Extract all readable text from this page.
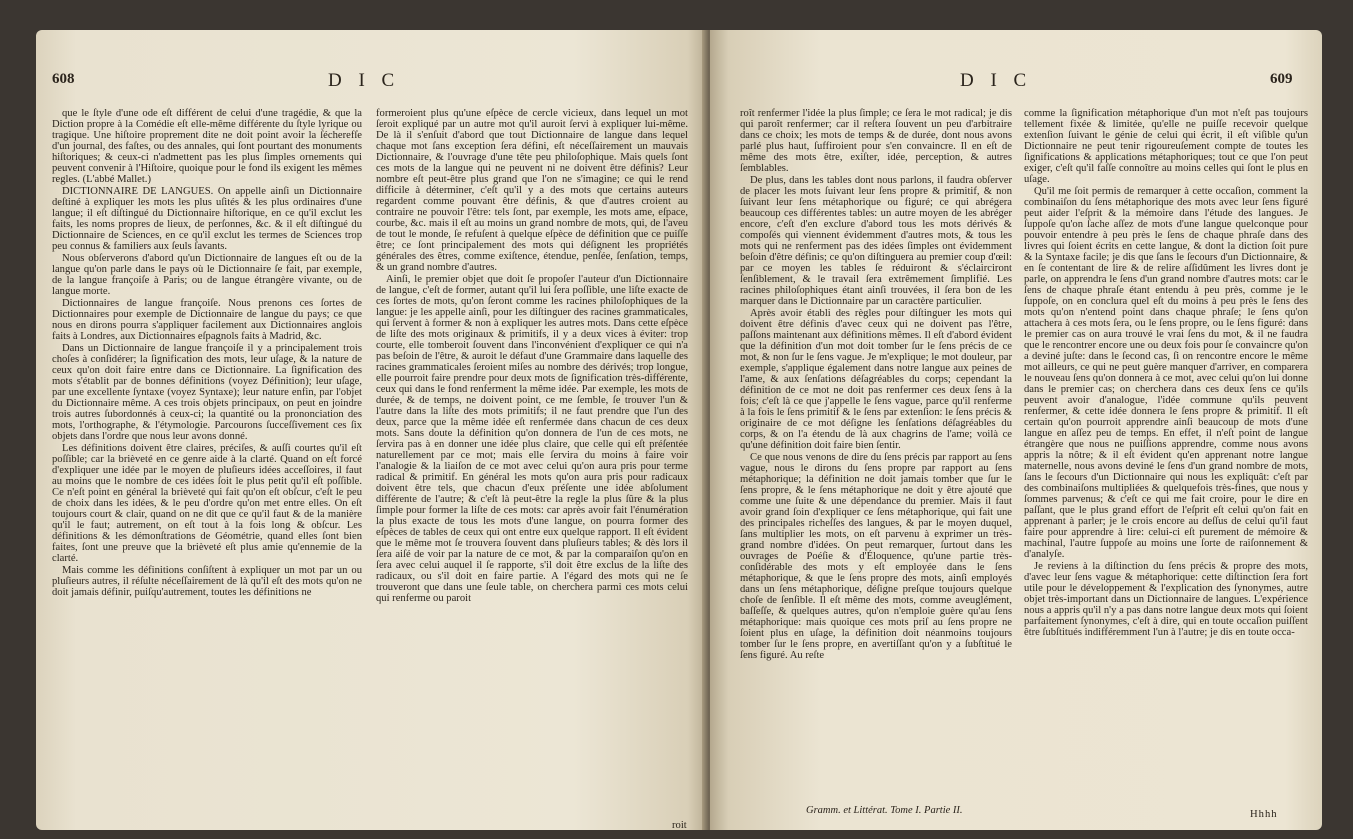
608	D I C

que le ſtyle d'une ode eſt différent de celui d'une tragédie, & que la Diction propre à la Comédie eſt elle-même différente du ſtyle lyrique ou tragique. Une hiſtoire proprement dite ne doit point avoir la ſécherefſe d'un journal, des faſtes, ou des annales, qui ſont pourtant des monuments hiſtoriques; & ceux-ci n'admettent pas les plus ſimples ornements qui peuvent convenir à l'Hiſtoire, quoique pour le fond ils exigent les mêmes regles. (L'abbé Mallet.)

DICTIONNAIRE DE LANGUES. On appelle ainſi un Dictionnaire deſtiné à expliquer les mots les plus uſités & les plus ordinaires d'une langue; il eſt diſtingué du Dictionnaire hiſtorique, en ce qu'il exclut les faits, les noms propres de lieux, de perſonnes, &c. & il eſt diſtingué du Dictionnaire de Sciences, en ce qu'il exclut les termes de Sciences trop peu connus & familiers aux ſeuls ſavants.

Nous obſerverons d'abord qu'un Dictionnaire de langues eſt ou de la langue qu'on parle dans le pays où le Dictionnaire ſe fait, par exemple, de la langue françoiſe à Paris; ou de langue étrangère vivante, ou de langue morte.

Dictionnaires de langue françoiſe. Nous prenons ces ſortes de Dictionnaires pour exemple de Dictionnaire de langue du pays; ce que nous en dirons pourra s'appliquer facilement aux Dictionnaires anglois faits à Londres, aux Dictionnaires eſpagnols faits à Madrid, &c.

Dans un Dictionnaire de langue françoiſe il y a principalement trois choſes à conſidérer; la ſignification des mots, leur uſage, & la nature de ceux qu'on doit faire entre dans ce Dictionnaire. La ſignification des mots s'établit par de bonnes définitions (voyez Définition); leur uſage, par une excellente ſyntaxe (voyez Syntaxe); leur nature enfin, par l'objet du Dictionnaire même. A ces trois objets principaux, on peut en joindre trois autres ſubordonnés à ceux-ci; la quantité ou la prononciation des mots, l'orthographe, & l'étymologie. Parcourons ſucceſſivement ces ſix objets dans l'ordre que nous leur avons donné.

Les définitions doivent être claires, préciſes, & auſſi courtes qu'il eſt poſſible; car la brièveté en ce genre aide à la clarté. Quand on eſt forcé d'expliquer une idée par le moyen de pluſieurs idées acceſſoires, il faut au moins que le nombre de ces idées ſoit le plus petit qu'il eſt poſſible. Ce n'eſt point en général la brièveté qui fait qu'on eſt obſcur, c'eſt le peu de choix dans les idées, & le peu d'ordre qu'on met entre elles. On eſt toujours court & clair, quand on ne dit que ce qu'il faut & de la manière qu'il le faut; autrement, on eſt tout à la fois long & obſcur. Les définitions & les démonſtrations de Géométrie, quand elles ſont bien faites, ſont une preuve que la brièveté eſt plus amie qu'ennemie de la clarté.

Mais comme les définitions conſiſtent à expliquer un mot par un ou pluſieurs autres, il réſulte néceſſairement de là qu'il eſt des mots qu'on ne doit jamais définir, puiſqu'autrement, toutes les définitions ne

formeroient plus qu'une eſpèce de cercle vicieux, dans lequel un mot ſeroit expliqué par un autre mot qu'il auroit ſervi à expliquer lui-même. De là il s'enſuit d'abord que tout Dictionnaire de langue dans lequel chaque mot ſans exception ſera défini, eſt néceſſairement un mauvais Dictionnaire, & l'ouvrage d'une tête peu philoſophique. Mais quels ſont ces mots de la langue qui ne peuvent ni ne doivent être définis? Leur nombre eſt peut-être plus grand que l'on ne s'imagine; ce qui le rend difficile à déterminer, c'eſt qu'il y a des mots que certains auteurs regardent comme pouvant être définis, & que d'autres croient au contraire ne pouvoir l'être: tels ſont, par exemple, les mots ame, eſpace, courbe, &c. mais il eſt au moins un grand nombre de mots, qui, de l'aveu de tout le monde, ſe refuſent à quelque eſpèce de définition que ce puiſſe être; ce ſont principalement des mots qui déſignent les propriétés générales des êtres, comme exiſtence, étendue, penſée, ſenſation, temps, & un grand nombre d'autres.

Ainſi, le premier objet que doit ſe propoſer l'auteur d'un Dictionnaire de langue, c'eſt de former, autant qu'il lui ſera poſſible, une liſte exacte de ces ſortes de mots, qu'on ſeront comme les racines philoſophiques de la langue: je les appelle ainſi, pour les diſtinguer des racines grammaticales, qui ſervent à former & non à expliquer les autres mots. Dans cette eſpèce de liſte des mots originaux & primitifs, il y a deux vices à éviter: trop courte, elle tomberoit ſouvent dans l'inconvénient d'expliquer ce qui n'a pas beſoin de l'être, & auroit le défaut d'une Grammaire dans laquelle des racines grammaticales ſeroient miſes au nombre des dérivés; trop longue, elle pourroit faire prendre pour deux mots de ſignification très-différente, ceux qui dans le fond renferment la même idée. Par exemple, les mots de durée, & de temps, ne doivent point, ce me ſemble, ſe trouver l'un & l'autre dans la liſte des mots primitifs; il ne faut prendre que l'un des deux, parce que la même idée eſt renfermée dans chacun de ces deux mots. Sans doute la définition qu'on donnera de l'un de ces mots, ne ſervira pas à en donner une idée plus claire, que celle qui eſt préſentée naturellement par ce mot; mais elle ſervira du moins à faire voir l'analogie & la liaiſon de ce mot avec celui qu'on aura pris pour terme radical & primitif. En général les mots qu'on aura pris pour radicaux doivent être tels, que chacun d'eux préſente une idée abſolument différente de l'autre; & c'eſt là peut-être la regle la plus ſûre & la plus ſimple pour former la liſte de ces mots: car après avoir fait l'énumération la plus exacte de tous les mots d'une langue, on pourra former des eſpèces de tables de ceux qui ont entre eux quelque rapport. Il eſt évident que le même mot ſe trouvera ſouvent dans pluſieurs tables; & dès lors il ſera aiſé de voir par la nature de ce mot, & par la comparaiſon qu'on en ſera avec celui auquel il ſe rapporte, s'il doit être exclus de la liſte des radicaux, ou s'il doit en faire partie. A l'égard des mots qui ne ſe trouveront que dans une ſeule table, on cherchera parmi ces mots celui qui renferme ou paroit

roit
D I C	609

roît renfermer l'idée la plus ſimple; ce ſera le mot radical; je dis qui paroît renfermer; car il reſtera ſouvent un peu d'arbitraire dans ce choix; les mots de temps & de durée, dont nous avons parlé plus haut, ſuffiroient pour s'en convaincre. Il en eſt de même des mots être, exiſter, idée, perception, & autres ſemblables.

De plus, dans les tables dont nous parlons, il faudra obſerver de placer les mots ſuivant leur ſens propre & primitif, & non ſuivant leur ſens métaphorique ou figuré; ce qui abrégera beaucoup ces différentes tables: un autre moyen de les abréger encore, c'eſt d'en exclure d'abord tous les mots dérivés & compoſés qui viennent évidemment d'autres mots, & tous les mots qui ne renferment pas des idées ſimples ont évidemment beſoin d'être définis; ce qu'on diſtinguera au premier coup d'œil: par ce moyen les tables ſe réduiront & s'éclairciront ſenſiblement, & le travail ſera extrêmement ſimplifié. Les racines philoſophiques étant ainſi trouvées, il ſera bon de les marquer dans le Dictionnaire par un caractère particulier.

Après avoir établi des règles pour diſtinguer les mots qui doivent être définis d'avec ceux qui ne doivent pas l'être, paſſons maintenant aux définitions mêmes. Il eſt d'abord évident que la définition d'un mot doit tomber ſur le ſens précis de ce mot, & non ſur le ſens vague. Je m'explique; le mot douleur, par exemple, s'applique également dans notre langue aux peines de l'ame, & aux ſenſations déſagréables du corps; cependant la définition de ce mot ne doit pas renfermer ces deux ſens à la fois; c'eſt là ce que j'appelle le ſens vague, parce qu'il renferme à la fois le ſens primitif & le ſens par extenſion: le ſens précis & originaire de ce mot déſigne les ſenſations déſagréables du corps, & on l'a étendu de là aux chagrins de l'ame; voilà ce qu'une définition doit faire bien ſentir.

Ce que nous venons de dire du ſens précis par rapport au ſens vague, nous le dirons du ſens propre par rapport au ſens métaphorique; la définition ne doit jamais tomber que ſur le ſens propre, & le ſens métaphorique ne doit y être ajouté que comme une ſuite & une dépendance du premier. Mais il faut avoir grand ſoin d'expliquer ce ſens métaphorique, qui fait une des principales richeſſes des langues, & par le moyen duquel, ſans multiplier les mots, on eſt parvenu à exprimer un très-grand nombre d'idées. On peut remarquer, ſurtout dans les ouvrages de Poéſie & d'Éloquence, qu'une partie très-conſidérable des mots y eſt employée dans le ſens métaphorique, & que le ſens propre des mots, ainſi employés dans un ſens métaphorique, déſigne preſque toujours quelque choſe de ſenſible. Il eſt même des mots, comme aveuglément, baſſeſſe, & quelques autres, qu'on n'emploie guère qu'au ſens métaphorique: mais quoique ces mots priſ au ſens propre ne ſoient plus en uſage, la définition doit néanmoins toujours tomber ſur le ſens propre, en avertiſſant qu'on y a ſubſtitué le ſens figuré. Au reſte

comme la ſignification métaphorique d'un mot n'eſt pas toujours tellement fixée & limitée, qu'elle ne puiſſe recevoir quelque extenſion ſuivant le génie de celui qui écrit, il eſt viſible qu'un Dictionnaire ne peut tenir rigoureuſement compte de toutes les ſignifications & applications métaphoriques; tout ce que l'on peut exiger, c'eſt qu'il faſſe connoître au moins celles qui ſont le plus en uſage.

Qu'il me ſoit permis de remarquer à cette occaſion, comment la combinaiſon du ſens métaphorique des mots avec leur ſens figuré peut aider l'eſprit & la mémoire dans l'étude des langues. Je ſuppoſe qu'on ſache aſſez de mots d'une langue quelconque pour pouvoir entendre à peu près le ſens de chaque phraſe dans des livres qui ſoient écrits en cette langue, & dont la diction ſoit pure & la Syntaxe facile; je dis que ſans le ſecours d'un Dictionnaire, & en ſe contentant de lire & de relire aſſidûment les livres dont je parle, on apprendra le ſens d'un grand nombre d'autres mots: car le ſens de chaque phraſe étant entendu à peu près, comme je le ſuppoſe, on en conclura quel eſt du moins à peu près le ſens des mots qu'on n'entend point dans chaque phraſe; le ſens qu'on attachera à ces mots ſera, ou le ſens propre, ou le ſens figuré: dans le premier cas on aura trouvé le vrai ſens du mot, & il ne faudra que le rencontrer encore une ou deux fois pour ſe convaincre qu'on a deviné juſte: dans le ſecond cas, ſi on rencontre encore le même mot ailleurs, ce qui ne peut guère manquer d'arriver, en comparera le nouveau ſens qu'on donnera à ce mot, avec celui qu'on lui donne dans le premier cas; on cherchera dans ces deux ſens ce qu'ils peuvent avoir d'analogue, l'idée commune qu'ils peuvent renfermer, & cette idée donnera le ſens propre & primitif. Il eſt certain qu'on pourroit apprendre ainſi beaucoup de mots d'une langue en aſſez peu de temps. En effet, il n'eſt point de langue étrangère que nous ne puiſſions apprendre, comme nous avons appris la nôtre; & il eſt évident qu'en apprenant notre langue maternelle, nous avons deviné le ſens d'un grand nombre de mots, ſans le ſecours d'un Dictionnaire qui nous les expliquât: c'eſt par des combinaiſons multipliées & quelquefois très-fines, que nous y ſommes parvenus; & c'eſt ce qui me fait croire, pour le dire en paſſant, que le plus grand effort de l'eſprit eſt celui qu'on fait en apprenant à parler; je le crois encore au deſſus de celui qu'il faut faire pour apprendre à lire: celui-ci eſt purement de mémoire & machinal, l'autre ſuppoſe au moins une ſorte de raiſonnement & d'analyſe.

Je reviens à la diſtinction du ſens précis & propre des mots, d'avec leur ſens vague & métaphorique: cette diſtinction ſera fort utile pour le développement & l'explication des ſynonymes, autre objet très-important dans un Dictionnaire de langues. L'expérience nous a appris qu'il n'y a pas dans notre langue deux mots qui ſoient parfaitement ſynonymes, c'eſt à dire, qui en toute occaſion puiſſent être ſubſtitués indifféremment l'un à l'autre; je dis en toute occa-

Gramm. et Littérat. Tome I. Partie II.	Hhhh
